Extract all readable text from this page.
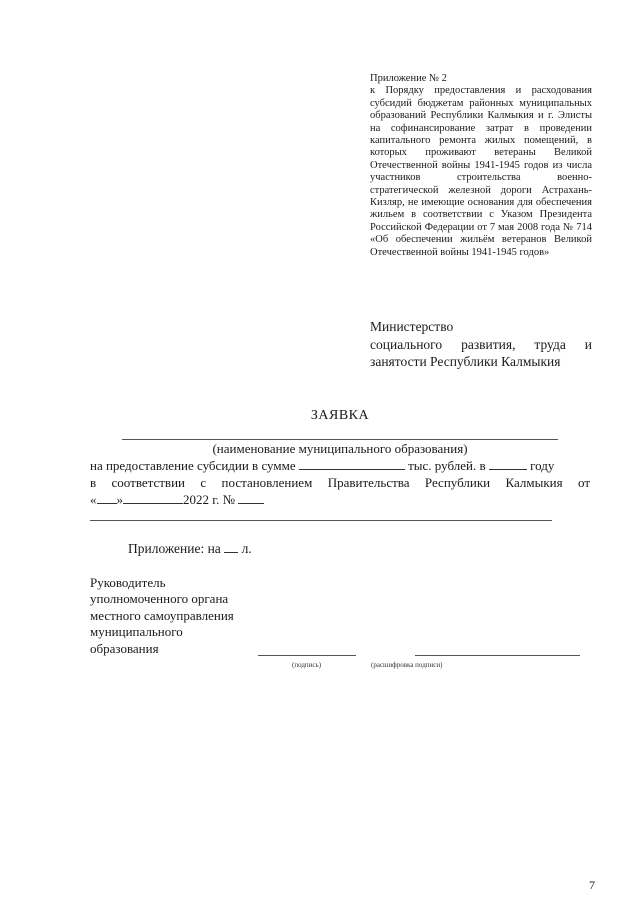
Приложение № 2
к Порядку предоставления и расходования субсидий бюджетам районных муниципальных образований Республики Калмыкия и г. Элисты на софинансирование затрат в проведении капитального ремонта жилых помещений, в которых проживают ветераны Великой Отечественной войны 1941-1945 годов из числа участников строительства военно-стратегической железной дороги Астрахань-Кизляр, не имеющие основания для обеспечения жильем в соответствии с Указом Президента Российской Федерации от 7 мая 2008 года № 714 «Об обеспечении жильём ветеранов Великой Отечественной войны 1941-1945 годов»
Министерство
социального развития, труда и
занятости Республики Калмыкия
ЗАЯВКА
(наименование муниципального образования)
на предоставление субсидии в сумме	тыс. рублей. в	году
в соответствии с постановлением Правительства Республики Калмыкия от
« »	2022 г. №
Приложение: на л.
Руководитель
уполномоченного органа
местного самоуправления
муниципального
образования
(подпись)	(расшифровка подписи)
7
